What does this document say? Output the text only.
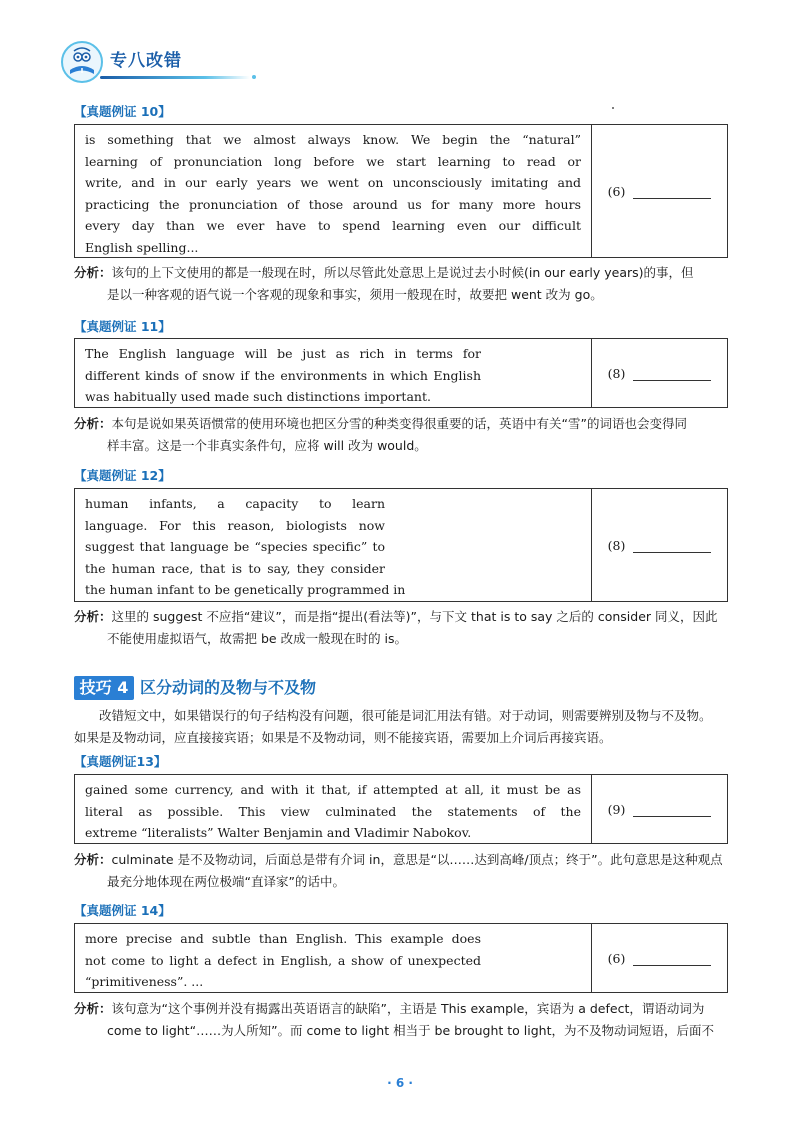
专八改错
【真题例证 10】
is something that we almost always know. We begin the “natural”
learning of pronunciation long before we start learning to read or
write, and in our early years we went on unconsciously imitating and
practicing the pronunciation of those around us for many more hours
every day than we ever have to spend learning even our difficult
English spelling...
(6)
分析：该句的上下文使用的都是一般现在时，所以尽管此处意思上是说过去小时候(in our early years)的事，但
是以一种客观的语气说一个客观的现象和事实，须用一般现在时，故要把 went 改为 go。
【真题例证 11】
The English language will be just as rich in terms for
different kinds of snow if the environments in which English
was habitually used made such distinctions important.
(8)
分析：本句是说如果英语惯常的使用环境也把区分雪的种类变得很重要的话，英语中有关“雪”的词语也会变得同
样丰富。这是一个非真实条件句，应将 will 改为 would。
【真题例证 12】
human infants, a capacity to learn
language. For this reason, biologists now
suggest that language be “species specific” to
the human race, that is to say, they consider
the human infant to be genetically programmed in
(8)
分析：这里的 suggest 不应指“建议”，而是指“提出(看法等)”，与下文 that is to say 之后的 consider 同义，因此
不能使用虚拟语气，故需把 be 改成一般现在时的 is。
技巧 4 区分动词的及物与不及物
改错短文中，如果错误行的句子结构没有问题，很可能是词汇用法有错。对于动词，则需要辨别及物与不及物。
如果是及物动词，应直接接宾语；如果是不及物动词，则不能接宾语，需要加上介词后再接宾语。
【真题例证13】
gained some currency, and with it that, if attempted at all, it must be as
literal as possible. This view culminated the statements of the
extreme “literalists” Walter Benjamin and Vladimir Nabokov.
(9)
分析：culminate 是不及物动词，后面总是带有介词 in，意思是“以……达到高峰/顶点；终于”。此句意思是这种观点
最充分地体现在两位极端“直译家”的话中。
【真题例证 14】
more precise and subtle than English. This example does
not come to light a defect in English, a show of unexpected
“primitiveness”. ...
(6)
分析：该句意为“这个事例并没有揭露出英语语言的缺陷”，主语是 This example，宾语为 a defect，谓语动词为
come to light“……为人所知”。而 come to light 相当于 be brought to light，为不及物动词短语，后面不
· 6 ·
